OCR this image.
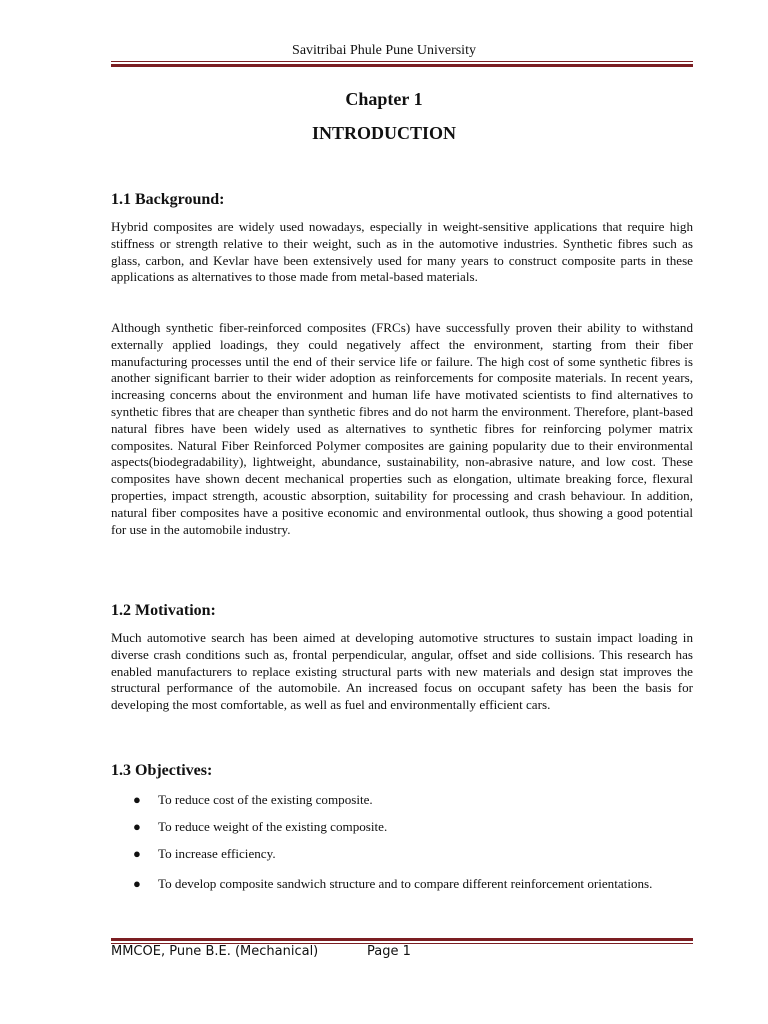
Savitribai Phule Pune University
Chapter 1
INTRODUCTION
1.1 Background:

Hybrid composites are widely used nowadays, especially in weight-sensitive applications that require high stiffness or strength relative to their weight, such as in the automotive industries. Synthetic fibres such as glass, carbon, and Kevlar have been extensively used for many years to construct composite parts in these applications as alternatives to those made from metal-based materials.

Although synthetic fiber-reinforced composites (FRCs) have successfully proven their ability to withstand externally applied loadings, they could negatively affect the environment, starting from their fiber manufacturing processes until the end of their service life or failure. The high cost of some synthetic fibres is another significant barrier to their wider adoption as reinforcements for composite materials. In recent years, increasing concerns about the environment and human life have motivated scientists to find alternatives to synthetic fibres that are cheaper than synthetic fibres and do not harm the environment. Therefore, plant-based natural fibres have been widely used as alternatives to synthetic fibres for reinforcing polymer matrix composites. Natural Fiber Reinforced Polymer composites are gaining popularity due to their environmental aspects(biodegradability), lightweight, abundance, sustainability, non-abrasive nature, and low cost. These composites have shown decent mechanical properties such as elongation, ultimate breaking force, flexural properties, impact strength, acoustic absorption, suitability for processing and crash behaviour. In addition, natural fiber composites have a positive economic and environmental outlook, thus showing a good potential for use in the automobile industry.

1.2 Motivation:

Much automotive search has been aimed at developing automotive structures to sustain impact loading in diverse crash conditions such as, frontal perpendicular, angular, offset and side collisions. This research has enabled manufacturers to replace existing structural parts with new materials and design stat improves the structural performance of the automobile. An increased focus on occupant safety has been the basis for developing the most comfortable, as well as fuel and environmentally efficient cars.

1.3 Objectives:
● To reduce cost of the existing composite.
● To reduce weight of the existing composite.
● To increase efficiency.
● To develop composite sandwich structure and to compare different reinforcement orientations.
MMCOE, Pune B.E. (Mechanical)	Page 1
